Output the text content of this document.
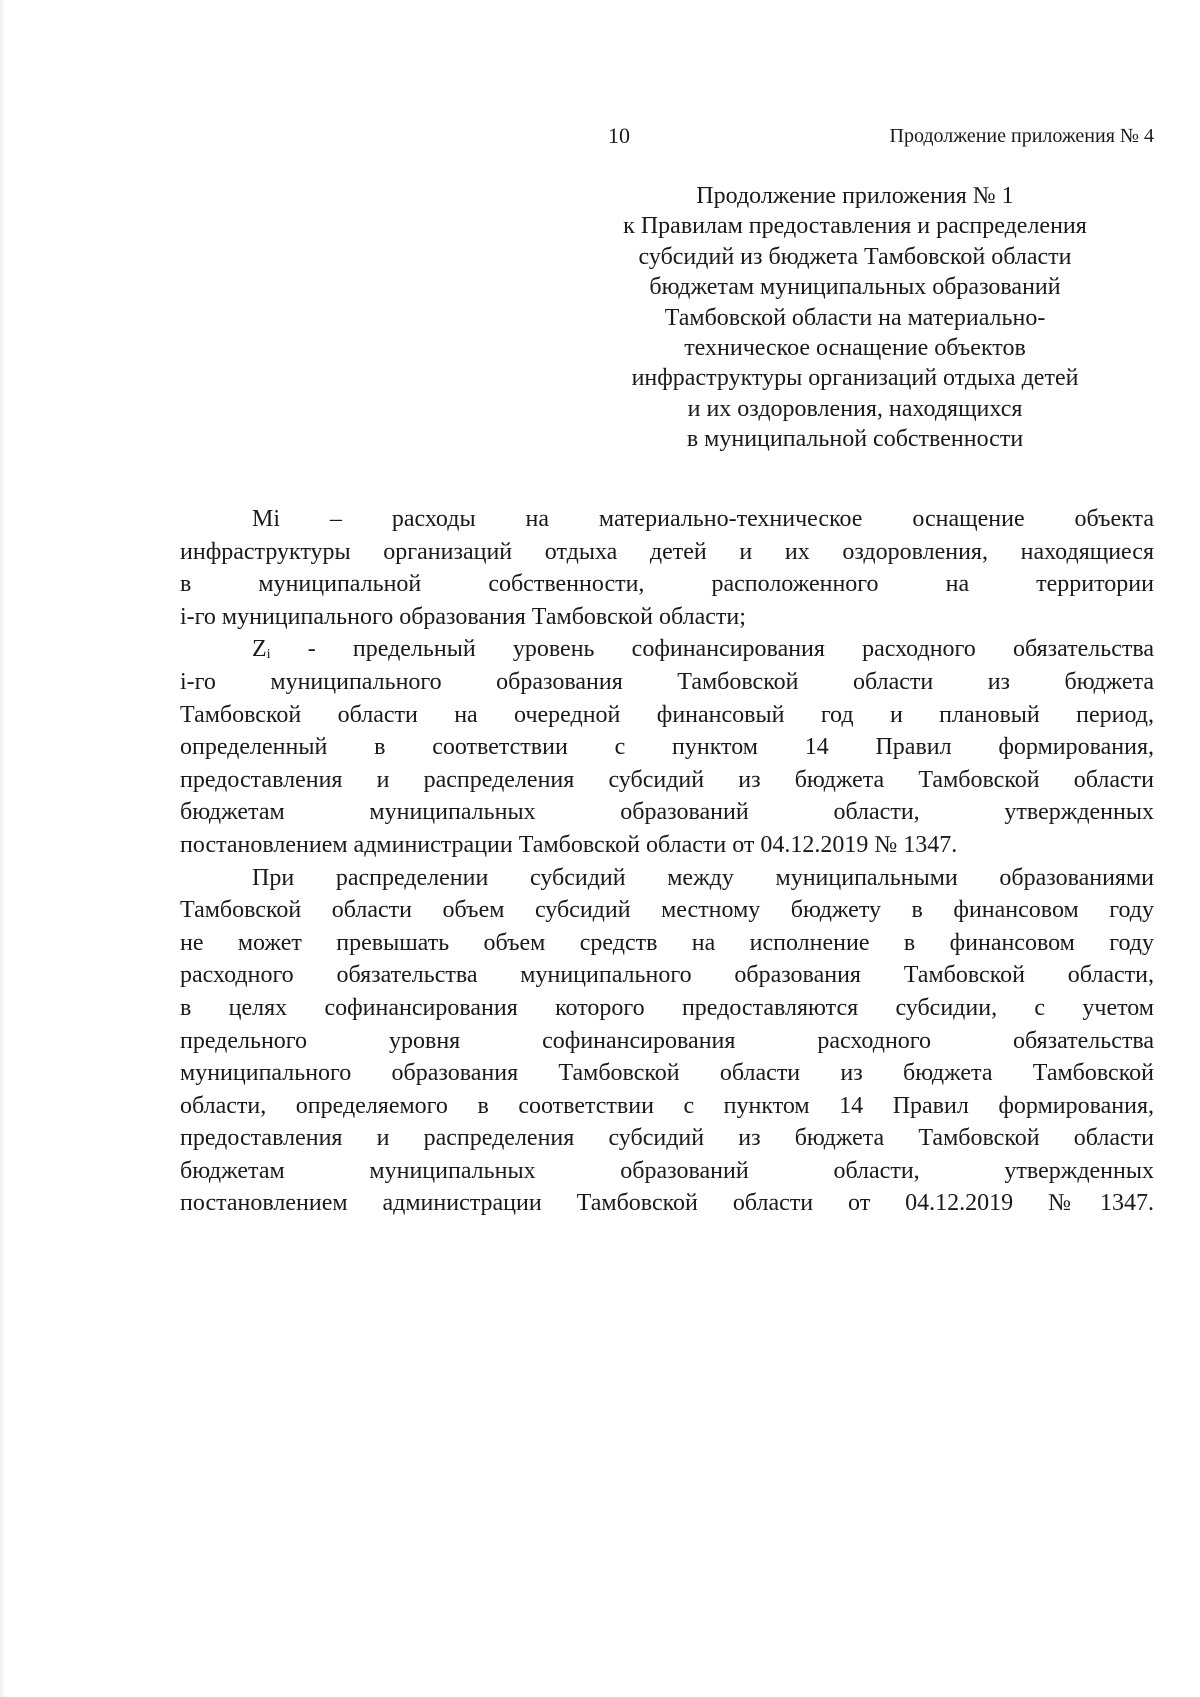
10	Продолжение приложения № 4
Продолжение приложения № 1
к Правилам предоставления и распределения
субсидий из бюджета Тамбовской области
бюджетам муниципальных образований
Тамбовской области на материально-
техническое оснащение объектов
инфраструктуры организаций отдыха детей
и их оздоровления, находящихся
в муниципальной собственности

Mi – расходы на материально-техническое оснащение объекта
инфраструктуры организаций отдыха детей и их оздоровления, находящиеся
в муниципальной собственности, расположенного на территории
i-го муниципального образования Тамбовской области;

Zᵢ - предельный уровень софинансирования расходного обязательства
i-го муниципального образования Тамбовской области из бюджета
Тамбовской области на очередной финансовый год и плановый период,
определенный в соответствии с пунктом 14 Правил формирования,
предоставления и распределения субсидий из бюджета Тамбовской области
бюджетам муниципальных образований области, утвержденных
постановлением администрации Тамбовской области от 04.12.2019 № 1347.

При распределении субсидий между муниципальными образованиями
Тамбовской области объем субсидий местному бюджету в финансовом году
не может превышать объем средств на исполнение в финансовом году
расходного обязательства муниципального образования Тамбовской области,
в целях софинансирования которого предоставляются субсидии, с учетом
предельного уровня софинансирования расходного обязательства
муниципального образования Тамбовской области из бюджета Тамбовской
области, определяемого в соответствии с пунктом 14 Правил формирования,
предоставления и распределения субсидий из бюджета Тамбовской области
бюджетам муниципальных образований области, утвержденных
постановлением администрации Тамбовской области от 04.12.2019 №1347.
